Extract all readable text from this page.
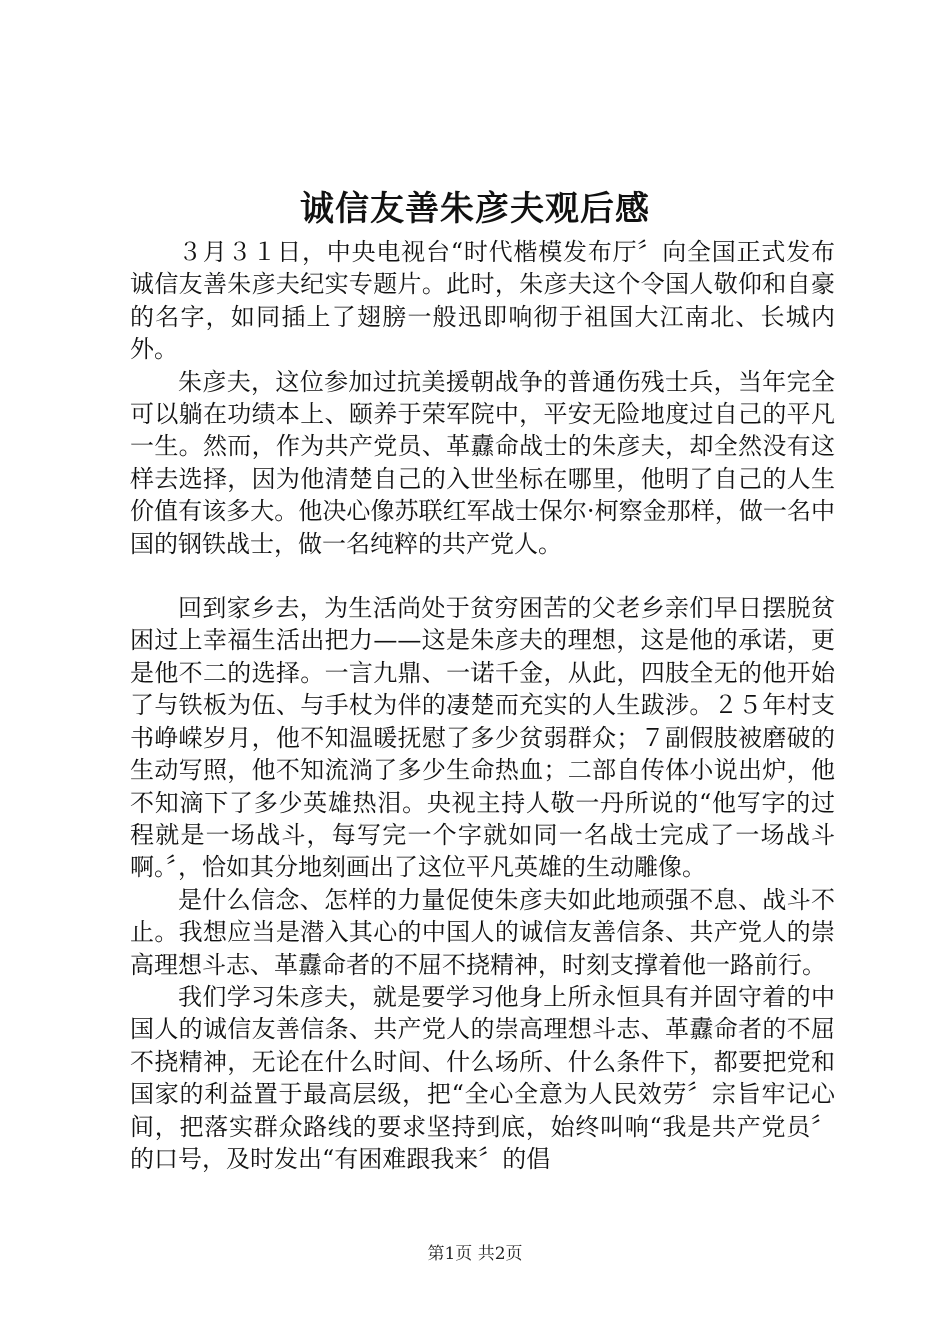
诚信友善朱彦夫观后感

３月３１日，中央电视台“时代楷模发布厅〞向全国正式发布诚信友善朱彦夫纪实专题片。此时，朱彦夫这个令国人敬仰和自豪的名字，如同插上了翅膀一般迅即响彻于祖国大江南北、长城内外。

朱彦夫，这位参加过抗美援朝战争的普通伤残士兵，当年完全可以躺在功绩本上、颐养于荣军院中，平安无险地度过自己的平凡一生。然而，作为共产党员、革纛命战士的朱彦夫，却全然没有这样去选择，因为他清楚自己的入世坐标在哪里，他明了自己的人生价值有该多大。他决心像苏联红军战士保尔·柯察金那样，做一名中国的钢铁战士，做一名纯粹的共产党人。

回到家乡去，为生活尚处于贫穷困苦的父老乡亲们早日摆脱贫困过上幸福生活出把力——这是朱彦夫的理想，这是他的承诺，更是他不二的选择。一言九鼎、一诺千金，从此，四肢全无的他开始了与铁板为伍、与手杖为伴的凄楚而充实的人生跋涉。２５年村支书峥嵘岁月，他不知温暖抚慰了多少贫弱群众；７副假肢被磨破的生动写照，他不知流淌了多少生命热血；二部自传体小说出炉，他不知滴下了多少英雄热泪。央视主持人敬一丹所说的“他写字的过程就是一场战斗，每写完一个字就如同一名战士完成了一场战斗啊。〞，恰如其分地刻画出了这位平凡英雄的生动雕像。

是什么信念、怎样的力量促使朱彦夫如此地顽强不息、战斗不止。我想应当是潜入其心的中国人的诚信友善信条、共产党人的崇高理想斗志、革纛命者的不屈不挠精神，时刻支撑着他一路前行。

我们学习朱彦夫，就是要学习他身上所永恒具有并固守着的中国人的诚信友善信条、共产党人的崇高理想斗志、革纛命者的不屈不挠精神，无论在什么时间、什么场所、什么条件下，都要把党和国家的利益置于最高层级，把“全心全意为人民效劳〞宗旨牢记心间，把落实群众路线的要求坚持到底，始终叫响“我是共产党员〞的口号，及时发出“有困难跟我来〞的倡

第1页 共2页
